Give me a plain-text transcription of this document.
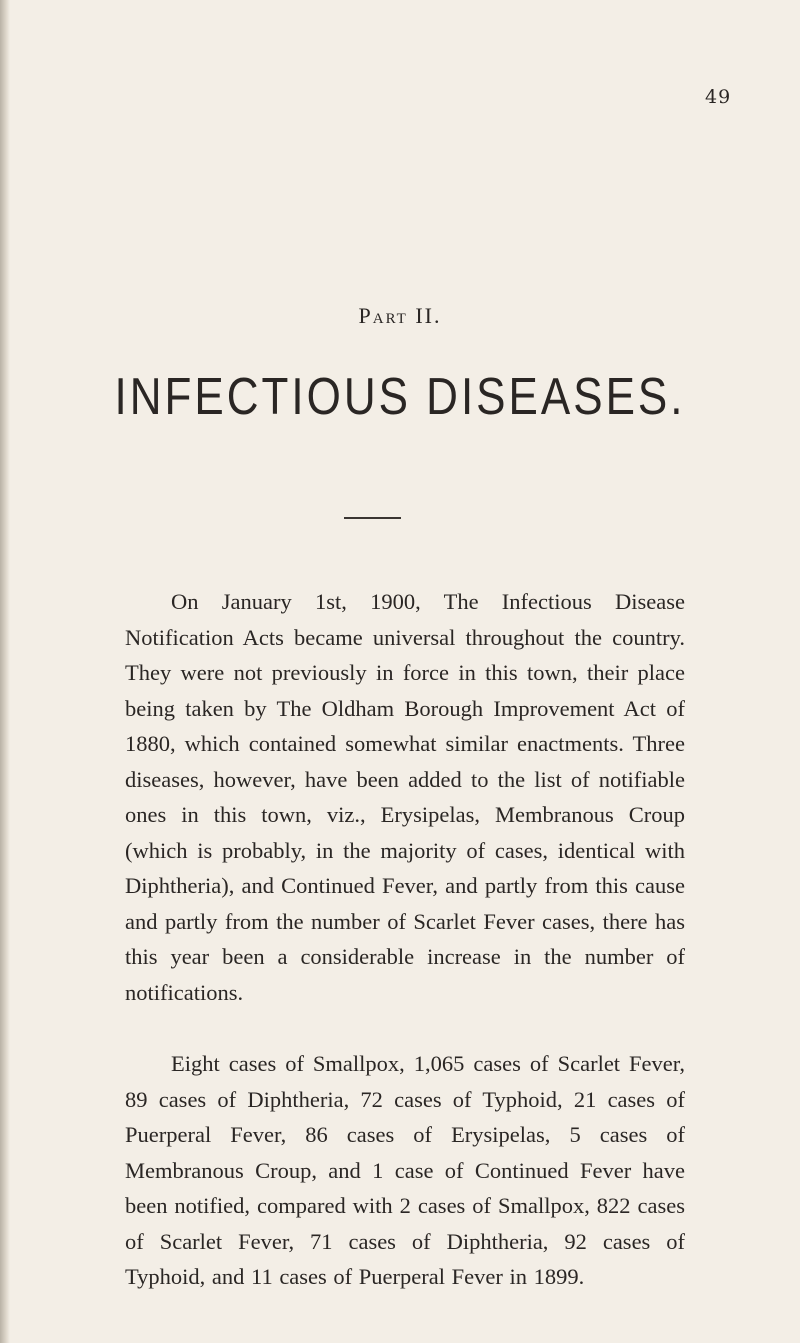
49
Part II.
INFECTIOUS DISEASES.

On January 1st, 1900, The Infectious Disease Notification Acts became universal throughout the country. They were not previously in force in this town, their place being taken by The Oldham Borough Improvement Act of 1880, which contained somewhat similar enactments. Three diseases, however, have been added to the list of notifiable ones in this town, viz., Erysipelas, Membranous Croup (which is probably, in the majority of cases, identical with Diphtheria), and Continued Fever, and partly from this cause and partly from the number of Scarlet Fever cases, there has this year been a considerable increase in the number of notifications.

Eight cases of Smallpox, 1,065 cases of Scarlet Fever, 89 cases of Diphtheria, 72 cases of Typhoid, 21 cases of Puerperal Fever, 86 cases of Erysipelas, 5 cases of Membranous Croup, and 1 case of Continued Fever have been notified, compared with 2 cases of Smallpox, 822 cases of Scarlet Fever, 71 cases of Diphtheria, 92 cases of Typhoid, and 11 cases of Puerperal Fever in 1899.
